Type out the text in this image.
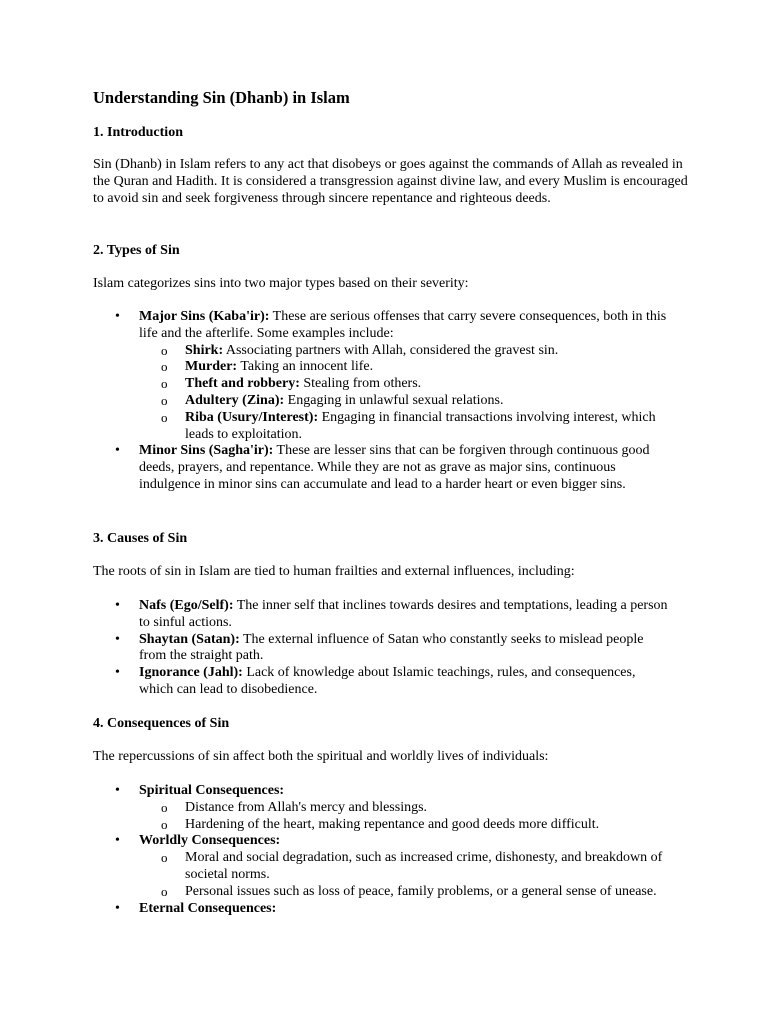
Understanding Sin (Dhanb) in Islam
1. Introduction

Sin (Dhanb) in Islam refers to any act that disobeys or goes against the commands of Allah as revealed in the Quran and Hadith. It is considered a transgression against divine law, and every Muslim is encouraged to avoid sin and seek forgiveness through sincere repentance and righteous deeds.

2. Types of Sin

Islam categorizes sins into two major types based on their severity:

• Major Sins (Kaba'ir): These are serious offenses that carry severe consequences, both in this life and the afterlife. Some examples include:
o Shirk: Associating partners with Allah, considered the gravest sin.
o Murder: Taking an innocent life.
o Theft and robbery: Stealing from others.
o Adultery (Zina): Engaging in unlawful sexual relations.
o Riba (Usury/Interest): Engaging in financial transactions involving interest, which leads to exploitation.
• Minor Sins (Sagha'ir): These are lesser sins that can be forgiven through continuous good deeds, prayers, and repentance. While they are not as grave as major sins, continuous indulgence in minor sins can accumulate and lead to a harder heart or even bigger sins.
3. Causes of Sin

The roots of sin in Islam are tied to human frailties and external influences, including:

• Nafs (Ego/Self): The inner self that inclines towards desires and temptations, leading a person to sinful actions.
• Shaytan (Satan): The external influence of Satan who constantly seeks to mislead people from the straight path.
• Ignorance (Jahl): Lack of knowledge about Islamic teachings, rules, and consequences, which can lead to disobedience.
4. Consequences of Sin

The repercussions of sin affect both the spiritual and worldly lives of individuals:

• Spiritual Consequences:
o Distance from Allah's mercy and blessings.
o Hardening of the heart, making repentance and good deeds more difficult.
• Worldly Consequences:
o Moral and social degradation, such as increased crime, dishonesty, and breakdown of societal norms.
o Personal issues such as loss of peace, family problems, or a general sense of unease.
• Eternal Consequences:
